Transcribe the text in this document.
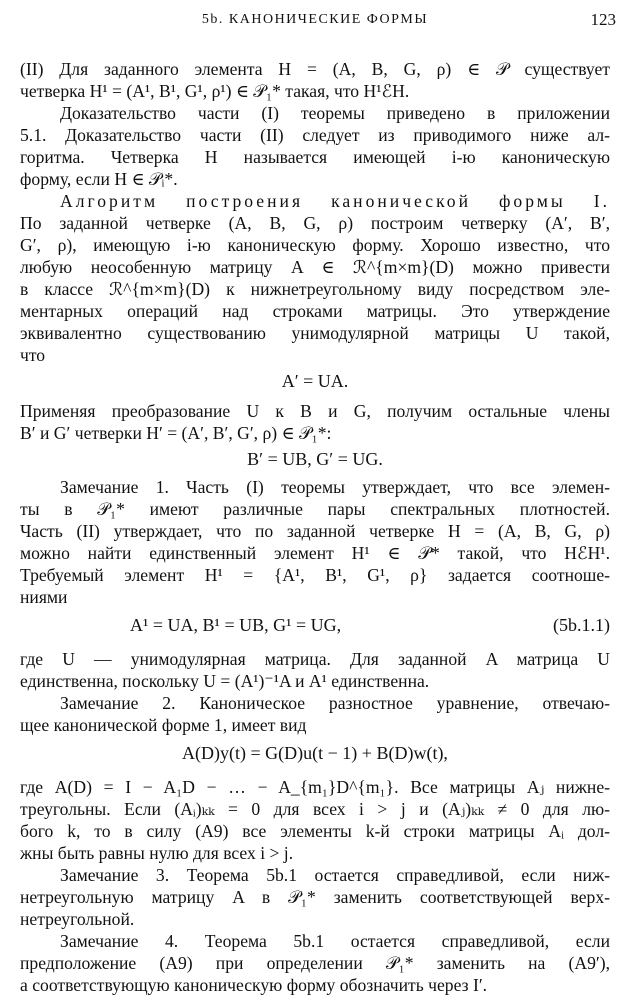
5b. КАНОНИЧЕСКИЕ ФОРМЫ	123
(II) Для заданного элемента H = (A, B, G, ρ) ∈ 𝒫 существует
четверка H¹ = (A¹, B¹, G¹, ρ¹) ∈ 𝒫₁* такая, что H¹ℰH.
Доказательство части (I) теоремы приведено в приложении
5.1. Доказательство части (II) следует из приводимого ниже ал-
горитма. Четверка H называется имеющей i-ю каноническую
форму, если H ∈ 𝒫ᵢ*.
Алгоритм построения канонической формы I.
По заданной четверке (A, B, G, ρ) построим четверку (A′, B′,
G′, ρ), имеющую i-ю каноническую форму. Хорошо известно, что
любую неособенную матрицу A ∈ ℛ^{m×m}(D) можно привести
в классе ℛ^{m×m}(D) к нижнетреугольному виду посредством эле-
ментарных операций над строками матрицы. Это утверждение
эквивалентно существованию унимодулярной матрицы U такой,
что
A′ = UA.
Применяя преобразование U к B и G, получим остальные члены
B′ и G′ четверки H′ = (A′, B′, G′, ρ) ∈ 𝒫₁*:
B′ = UB, G′ = UG.
Замечание 1. Часть (I) теоремы утверждает, что все элемен-
ты в 𝒫₁* имеют различные пары спектральных плотностей.
Часть (II) утверждает, что по заданной четверке H = (A, B, G, ρ)
можно найти единственный элемент H¹ ∈ 𝒫* такой, что HℰH¹.
Требуемый элемент H¹ = {A¹, B¹, G¹, ρ} задается соотноше-
ниями
A¹ = UA, B¹ = UB, G¹ = UG,	(5b.1.1)
где U — унимодулярная матрица. Для заданной A матрица U
единственна, поскольку U = (A¹)⁻¹A и A¹ единственна.
Замечание 2. Каноническое разностное уравнение, отвечаю-
щее канонической форме 1, имеет вид
A(D)y(t) = G(D)u(t − 1) + B(D)w(t),
где A(D) = I − A₁D − … − A_{m₁}D^{m₁}. Все матрицы Aⱼ нижне-
треугольны. Если (Aᵢ)ₖₖ = 0 для всех i > j и (Aⱼ)ₖₖ ≠ 0 для лю-
бого k, то в силу (A9) все элементы k-й строки матрицы Aᵢ дол-
жны быть равны нулю для всех i > j.
Замечание 3. Теорема 5b.1 остается справедливой, если ниж-
нетреугольную матрицу A в 𝒫₁* заменить соответствующей верх-
нетреугольной.
Замечание 4. Теорема 5b.1 остается справедливой, если
предположение (A9) при определении 𝒫₁* заменить на (A9′),
а соответствующую каноническую форму обозначить через I′.
